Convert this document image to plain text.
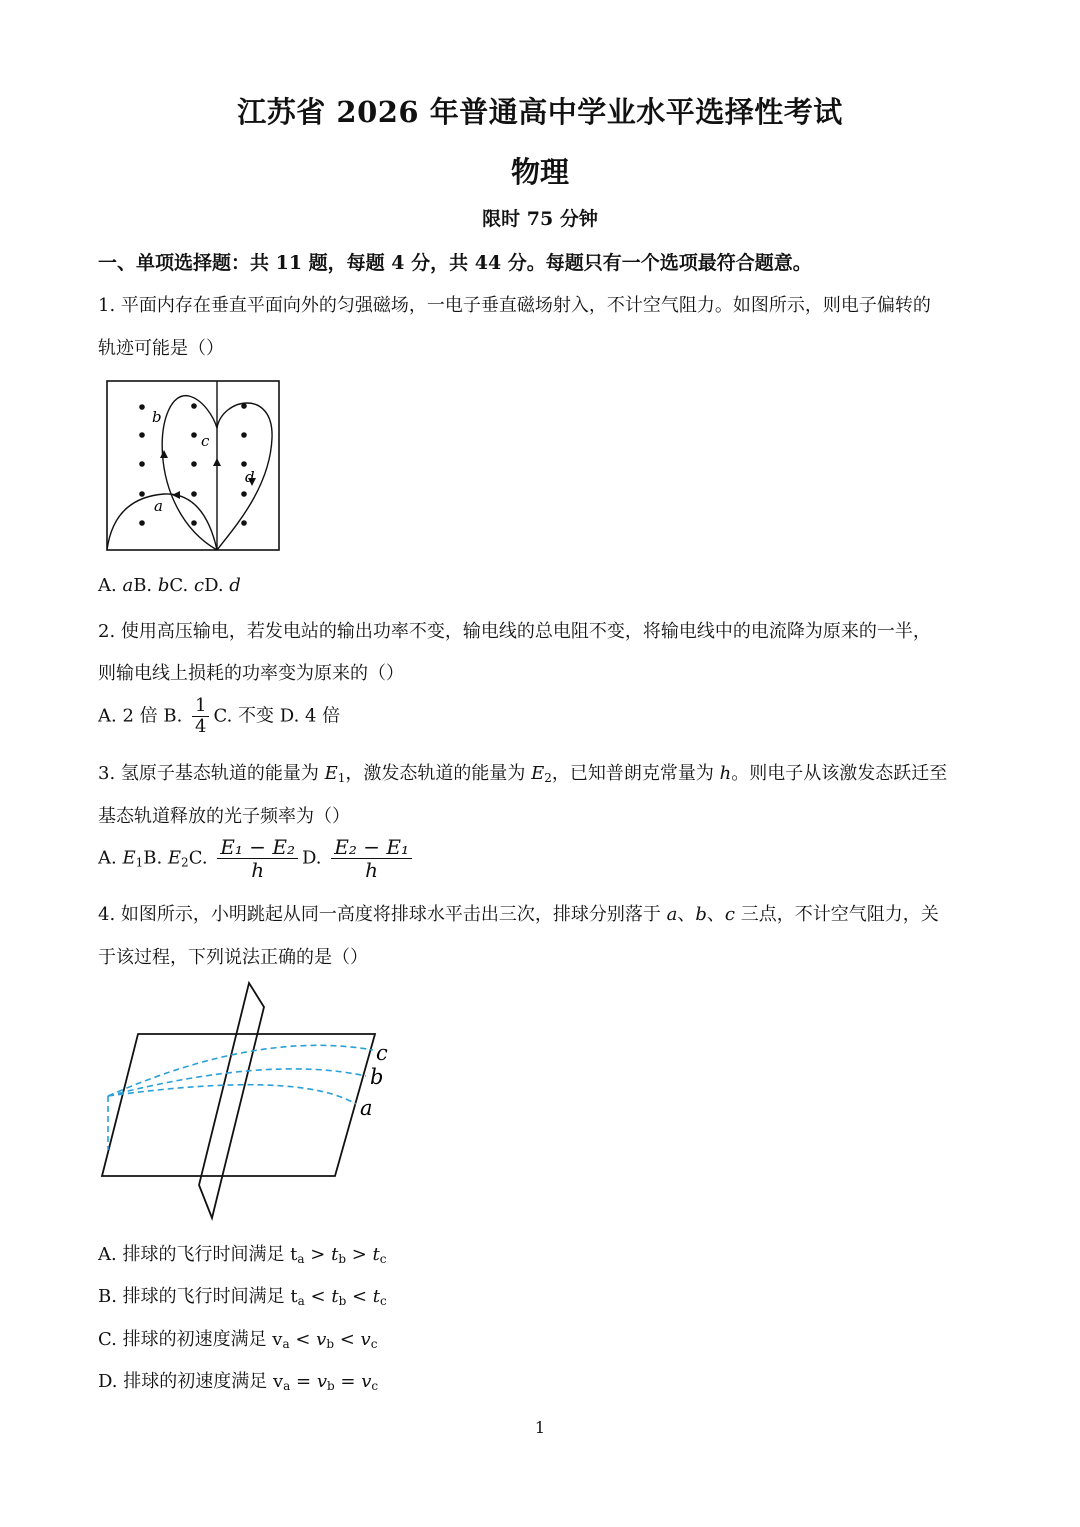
江苏省 2026 年普通高中学业水平选择性考试
物理
限时 75 分钟
一、单项选择题：共 11 题，每题 4 分，共 44 分。每题只有一个选项最符合题意。
1. 平面内存在垂直平面向外的匀强磁场，一电子垂直磁场射入，不计空气阻力。如图所示，则电子偏转的
轨迹可能是（）
b
c
d
a
A. aB. bC. cD. d
2. 使用高压输电，若发电站的输出功率不变，输电线的总电阻不变，将输电线中的电流降为原来的一半，
则输电线上损耗的功率变为原来的（）
A. 2 倍 B. $\frac{1}{4} C$. 不变 D. 4 倍
3. 氢原子基态轨道的能量为 $E_1$，激发态轨道的能量为 $E_2$，已知普朗克常量为 h。则电子从该激发态跃迁至
基态轨道释放的光子频率为（）
A. $E_1B$. $E_2C$. $\frac{\text{E₁ − E₂}}{h} D$. $\frac{\text{E₂ − E₁}}{h}$
4. 如图所示，小明跳起从同一高度将排球水平击出三次，排球分别落于 a、b、c 三点，不计空气阻力，关
于该过程，下列说法正确的是（）
c
b
a
A. 排球的飞行时间满足 $t_a > t_b > t_c$
B. 排球的飞行时间满足 $t_a < t_b < t_c$
C. 排球的初速度满足 $v_a < v_b < v_c$
D. 排球的初速度满足 $v_a = v_b = v_c$
1
